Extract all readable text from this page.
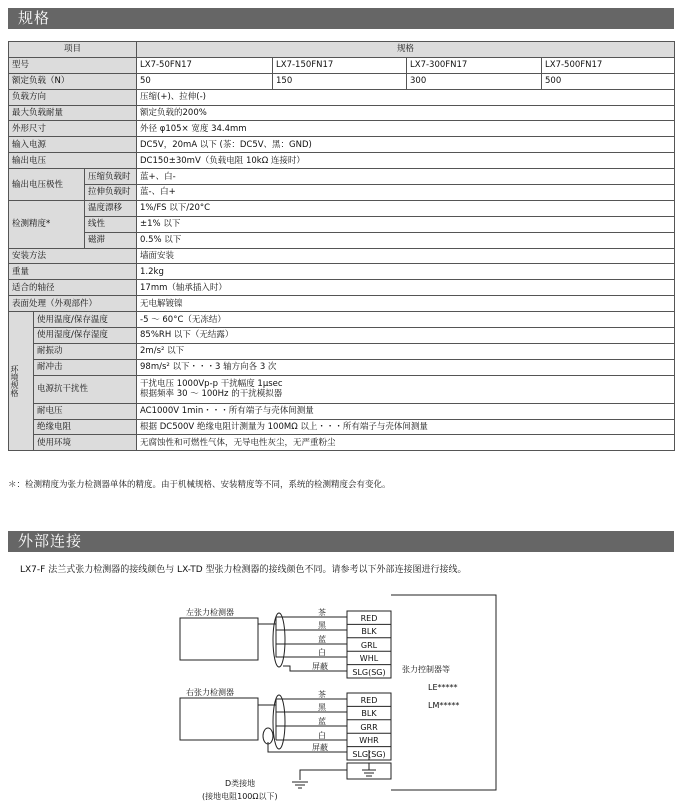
规格
项目			规格			
型号			LX7-50FN17	LX7-150FN17	LX7-300FN17	LX7-500FN17
额定负载（N）			50	150	300	500
负载方向			压缩(+)、拉伸(-)			
最大负载耐量			额定负载的200%			
外形尺寸			外径 φ105× 宽度 34.4mm			
输入电源			DC5V，20mA 以下 (茶：DC5V、黑：GND)			
输出电压			DC150±30mV（负载电阻 10kΩ 连接时）			
输出电压极性		压缩负载时	蓝+、白-			
		拉伸负载时	蓝-、白+			
检测精度*		温度漂移	1%/FS 以下/20°C			
		线性	±1% 以下			
		磁滞	0.5% 以下			
安装方法			墙面安装			
重量			1.2kg			
适合的轴径			17mm（轴承插入时）			
表面处理（外观部件）			无电解镀镍			

环境规格	使用温度/保存温度		-5 ～ 60°C（无冻结）			
	使用湿度/保存湿度		85%RH 以下（无结露）			
	耐振动		2m/s² 以下			
	耐冲击		98m/s² 以下・・・3 轴方向各 3 次			
	电源抗干扰性		干扰电压 1000Vp-p 干扰幅度 1μsec
根据频率 30 ～ 100Hz 的干扰模拟器			

	耐电压		AC1000V 1min・・・所有端子与壳体间测量			
	绝缘电阻		根据 DC500V 绝缘电阻计测量为 100MΩ 以上・・・所有端子与壳体间测量			
	使用环境		无腐蚀性和可燃性气体，无导电性灰尘，无严重粉尘			
＊：检测精度为张力检测器单体的精度。由于机械规格、安装精度等不同，系统的检测精度会有变化。
外部连接
LX7-F 法兰式张力检测器的接线颜色与 LX-TD 型张力检测器的接线颜色不同。请参考以下外部连接图进行接线。
左张力检测器
右张力检测器
茶
黑
蓝
白
屏蔽
茶
黑
蓝
白
屏蔽
RED
BLK
GRL
WHL
SLG(SG)
RED
BLK
GRR
WHR
SLG(SG)
张力控制器等
LE*****
LM*****
D类接地
(接地电阻100Ω以下)
